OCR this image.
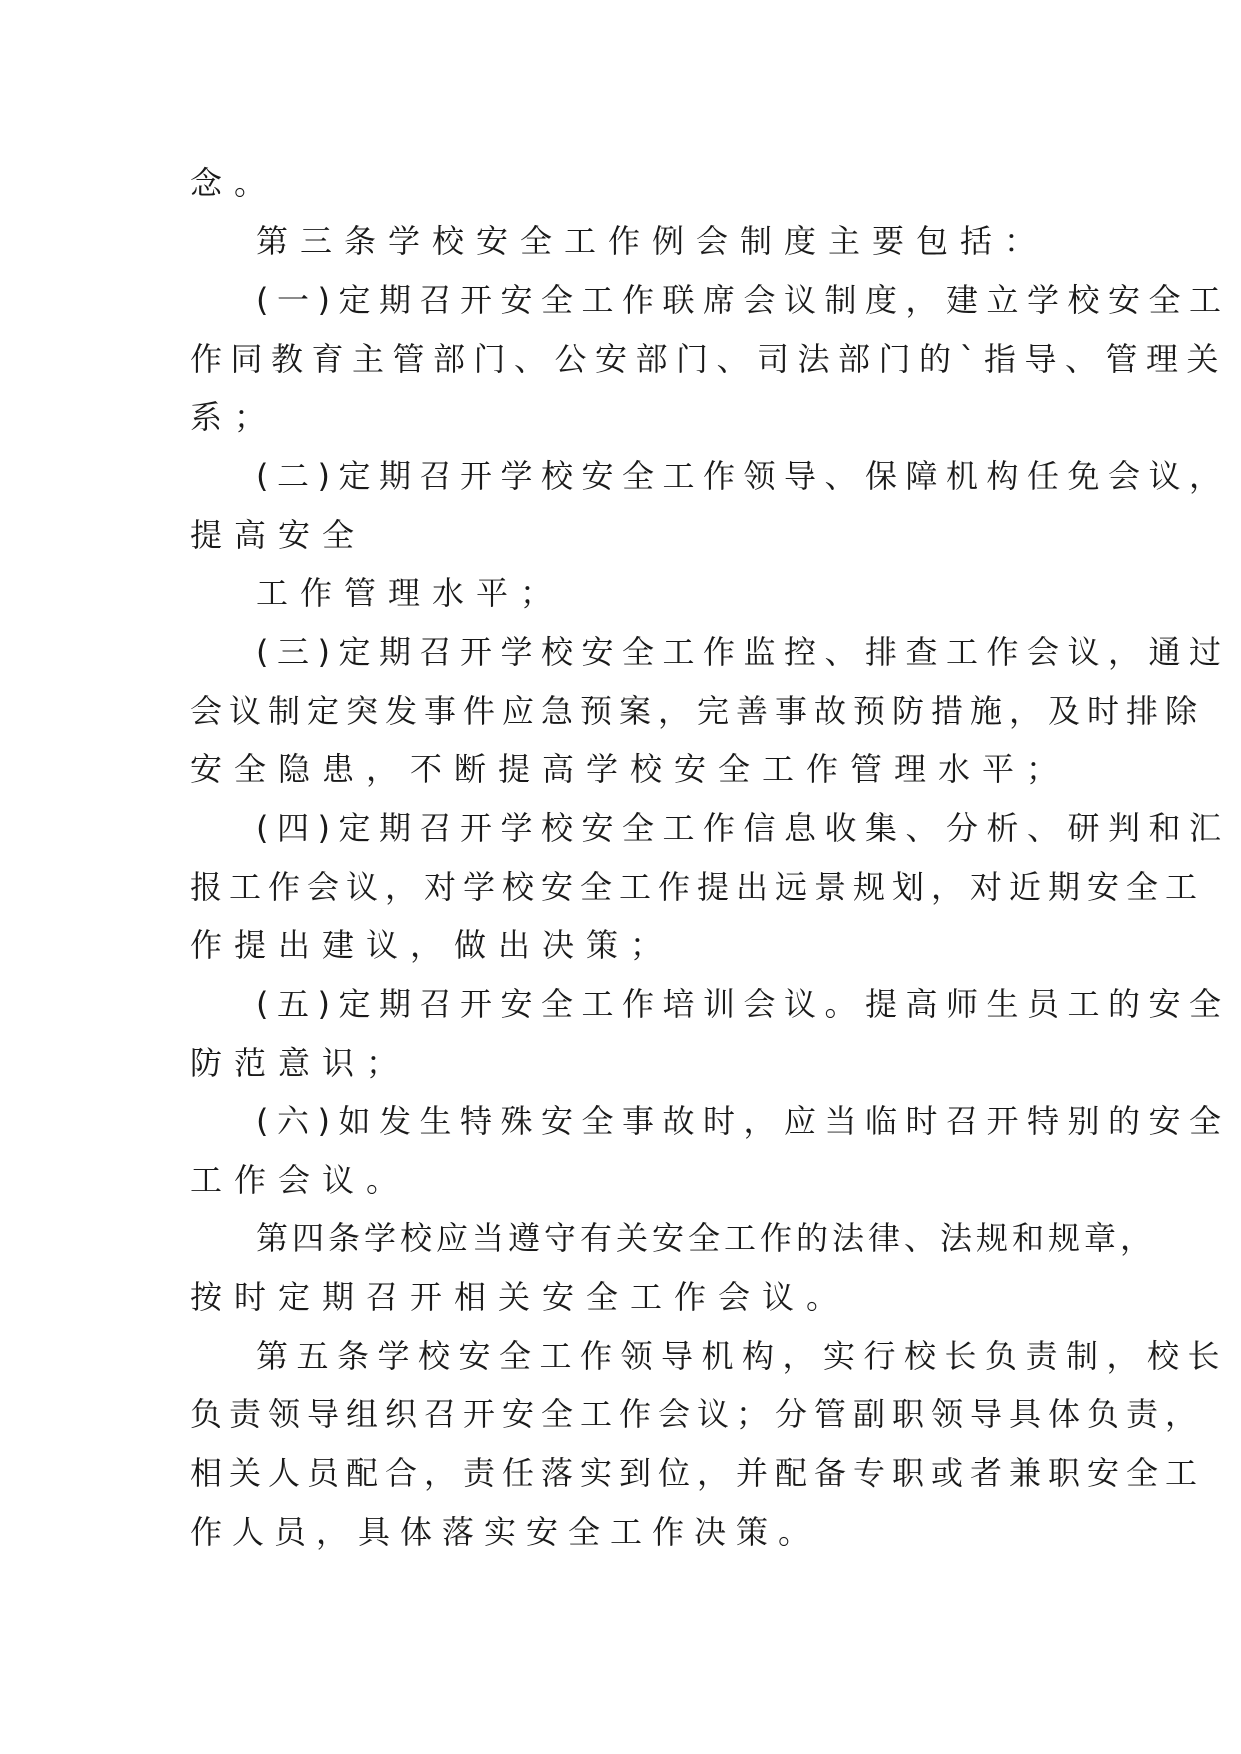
念。
第三条学校安全工作例会制度主要包括：
(一)定期召开安全工作联席会议制度，建立学校安全工
作同教育主管部门、公安部门、司法部门的`指导、管理关
系；
(二)定期召开学校安全工作领导、保障机构任免会议，
提高安全
工作管理水平；
(三)定期召开学校安全工作监控、排查工作会议，通过
会议制定突发事件应急预案，完善事故预防措施，及时排除
安全隐患，不断提高学校安全工作管理水平；
(四)定期召开学校安全工作信息收集、分析、研判和汇
报工作会议，对学校安全工作提出远景规划，对近期安全工
作提出建议，做出决策；
(五)定期召开安全工作培训会议。提高师生员工的安全
防范意识；
(六)如发生特殊安全事故时，应当临时召开特别的安全
工作会议。
第四条学校应当遵守有关安全工作的法律、法规和规章，
按时定期召开相关安全工作会议。
第五条学校安全工作领导机构，实行校长负责制，校长
负责领导组织召开安全工作会议；分管副职领导具体负责，
相关人员配合，责任落实到位，并配备专职或者兼职安全工
作人员，具体落实安全工作决策。
